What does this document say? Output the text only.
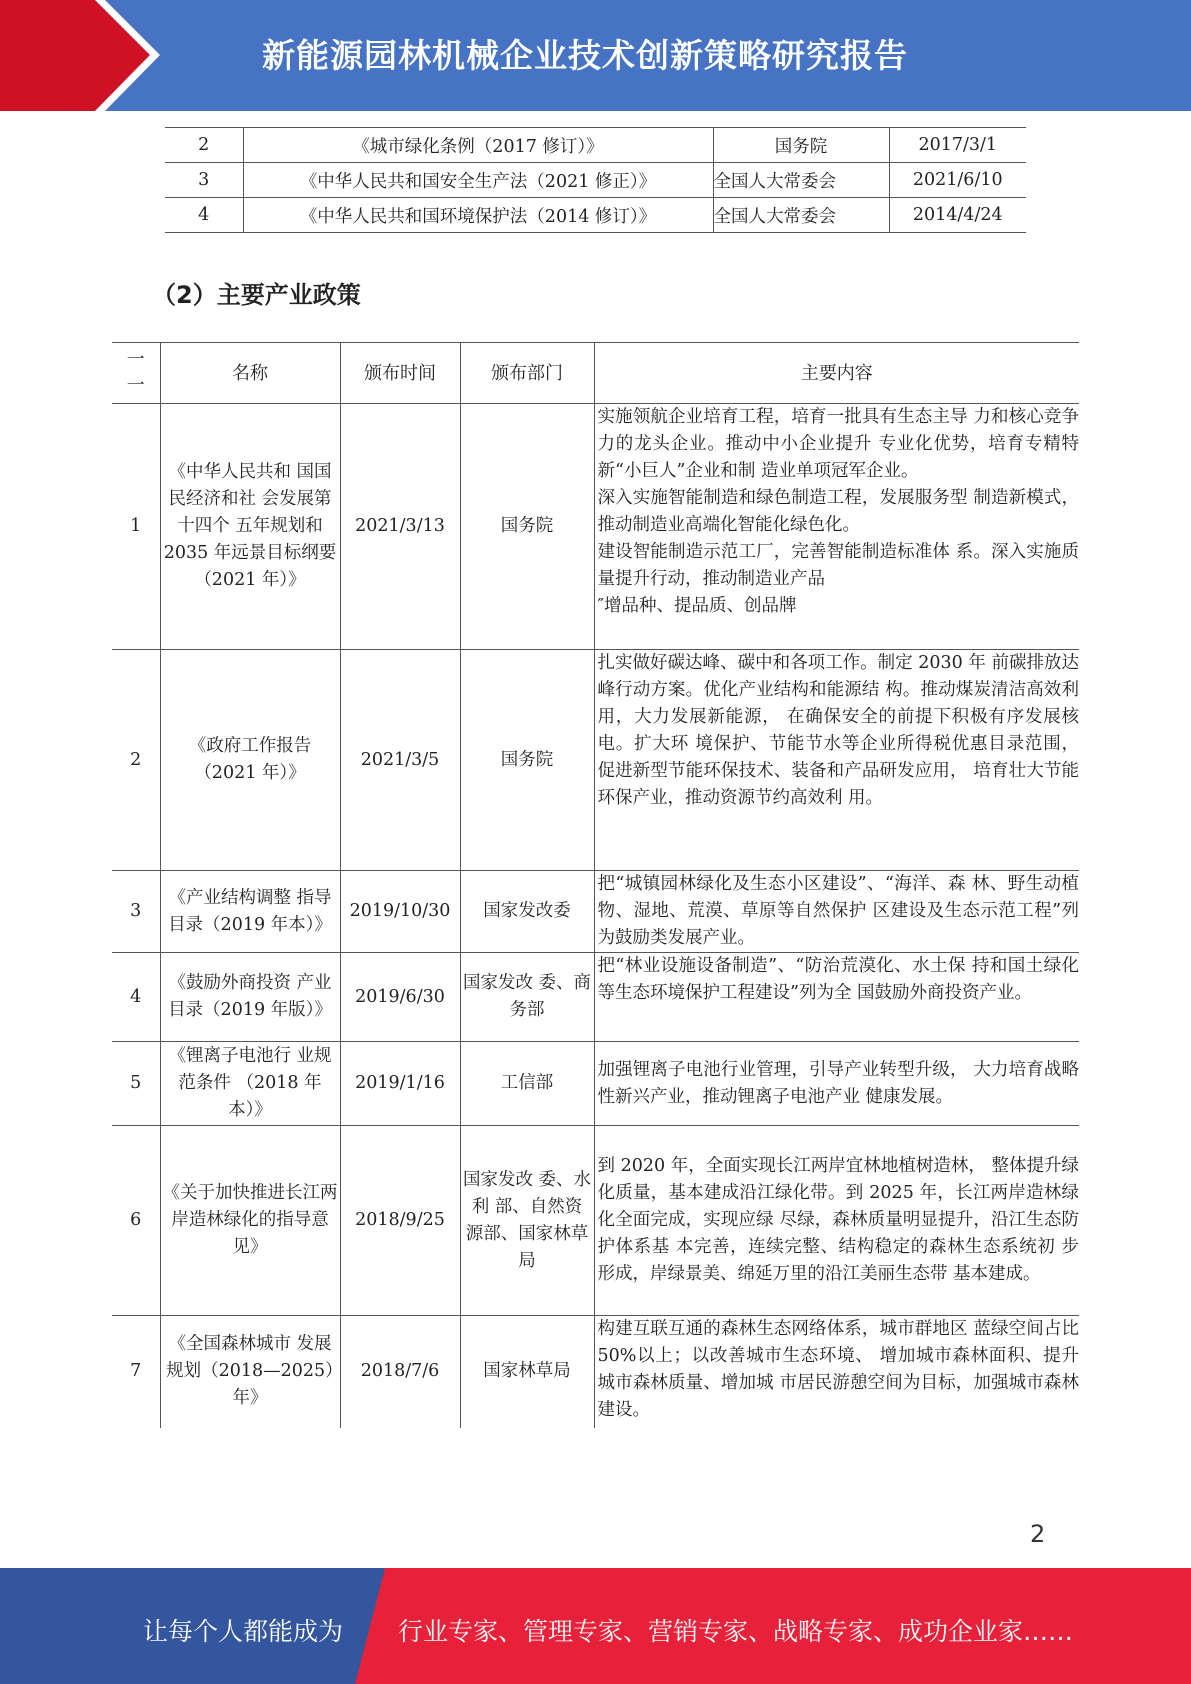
新能源园林机械企业技术创新策略研究报告
2	《城市绿化条例（2017 修订）》	国务院	2017/3/1
3	《中华人民共和国安全生产法（2021 修正）》	全国人大常委会	2021/6/10
4	《中华人民共和国环境保护法（2014 修订）》	全国人大常委会	2014/4/24
（2）主要产业政策
一
一	名称	颁布时间	颁布部门	主要内容
1	《中华人民共和 国国民经济和社 会发展第十四个 五年规划和 2035 年远景目标纲要 （2021 年）》	2021/3/13	国务院	实施领航企业培育工程，培育一批具有生态主导 力和核心竞争力的龙头企业。推动中小企业提升 专业化优势，培育专精特新“小巨人”企业和制 造业单项冠军企业。
深入实施智能制造和绿色制造工程，发展服务型 制造新模式，推动制造业高端化智能化绿色化。
建设智能制造示范工厂，完善智能制造标准体 系。深入实施质量提升行动，推动制造业产品
″增品种、提品质、创品牌
2	《政府工作报告（2021 年）》	2021/3/5	国务院	扎实做好碳达峰、碳中和各项工作。制定 2030 年 前碳排放达峰行动方案。优化产业结构和能源结 构。推动煤炭清洁高效利用，大力发展新能源， 在确保安全的前提下积极有序发展核电。扩大环 境保护、节能节水等企业所得税优惠目录范围， 促进新型节能环保技术、装备和产品研发应用， 培育壮大节能环保产业，推动资源节约高效利 用。
3	《产业结构调整 指导目录（2019 年本）》	2019/10/30	国家发改委	把“城镇园林绿化及生态小区建设”、“海洋、森 林、野生动植物、湿地、荒漠、草原等自然保护 区建设及生态示范工程”列为鼓励类发展产业。
4	《鼓励外商投资 产业目录（2019 年版）》	2019/6/30	国家发改 委、商务部	把“林业设施设备制造”、“防治荒漠化、水土保 持和国土绿化等生态环境保护工程建设”列为全 国鼓励外商投资产业。
5	《锂离子电池行 业规范条件 （2018 年本）》	2019/1/16	工信部	加强锂离子电池行业管理，引导产业转型升级， 大力培育战略性新兴产业，推动锂离子电池产业 健康发展。
6	《关于加快推进长江两岸造林绿化的指导意见》	2018/9/25	国家发改 委、水利 部、自然资 源部、国家林草局	到 2020 年，全面实现长江两岸宜林地植树造林， 整体提升绿化质量，基本建成沿江绿化带。到 2025 年，长江两岸造林绿化全面完成，实现应绿 尽绿，森林质量明显提升，沿江生态防护体系基 本完善，连续完整、结构稳定的森林生态系统初 步形成，岸绿景美、绵延万里的沿江美丽生态带 基本建成。
7	《全国森林城市 发展规划（2018—2025）年》	2018/7/6	国家林草局	构建互联互通的森林生态网络体系，城市群地区 蓝绿空间占比 50%以上；以改善城市生态环境、 增加城市森林面积、提升城市森林质量、增加城 市居民游憩空间为目标，加强城市森林建设。
2
让每个人都能成为 行业专家、管理专家、营销专家、战略专家、成功企业家……
